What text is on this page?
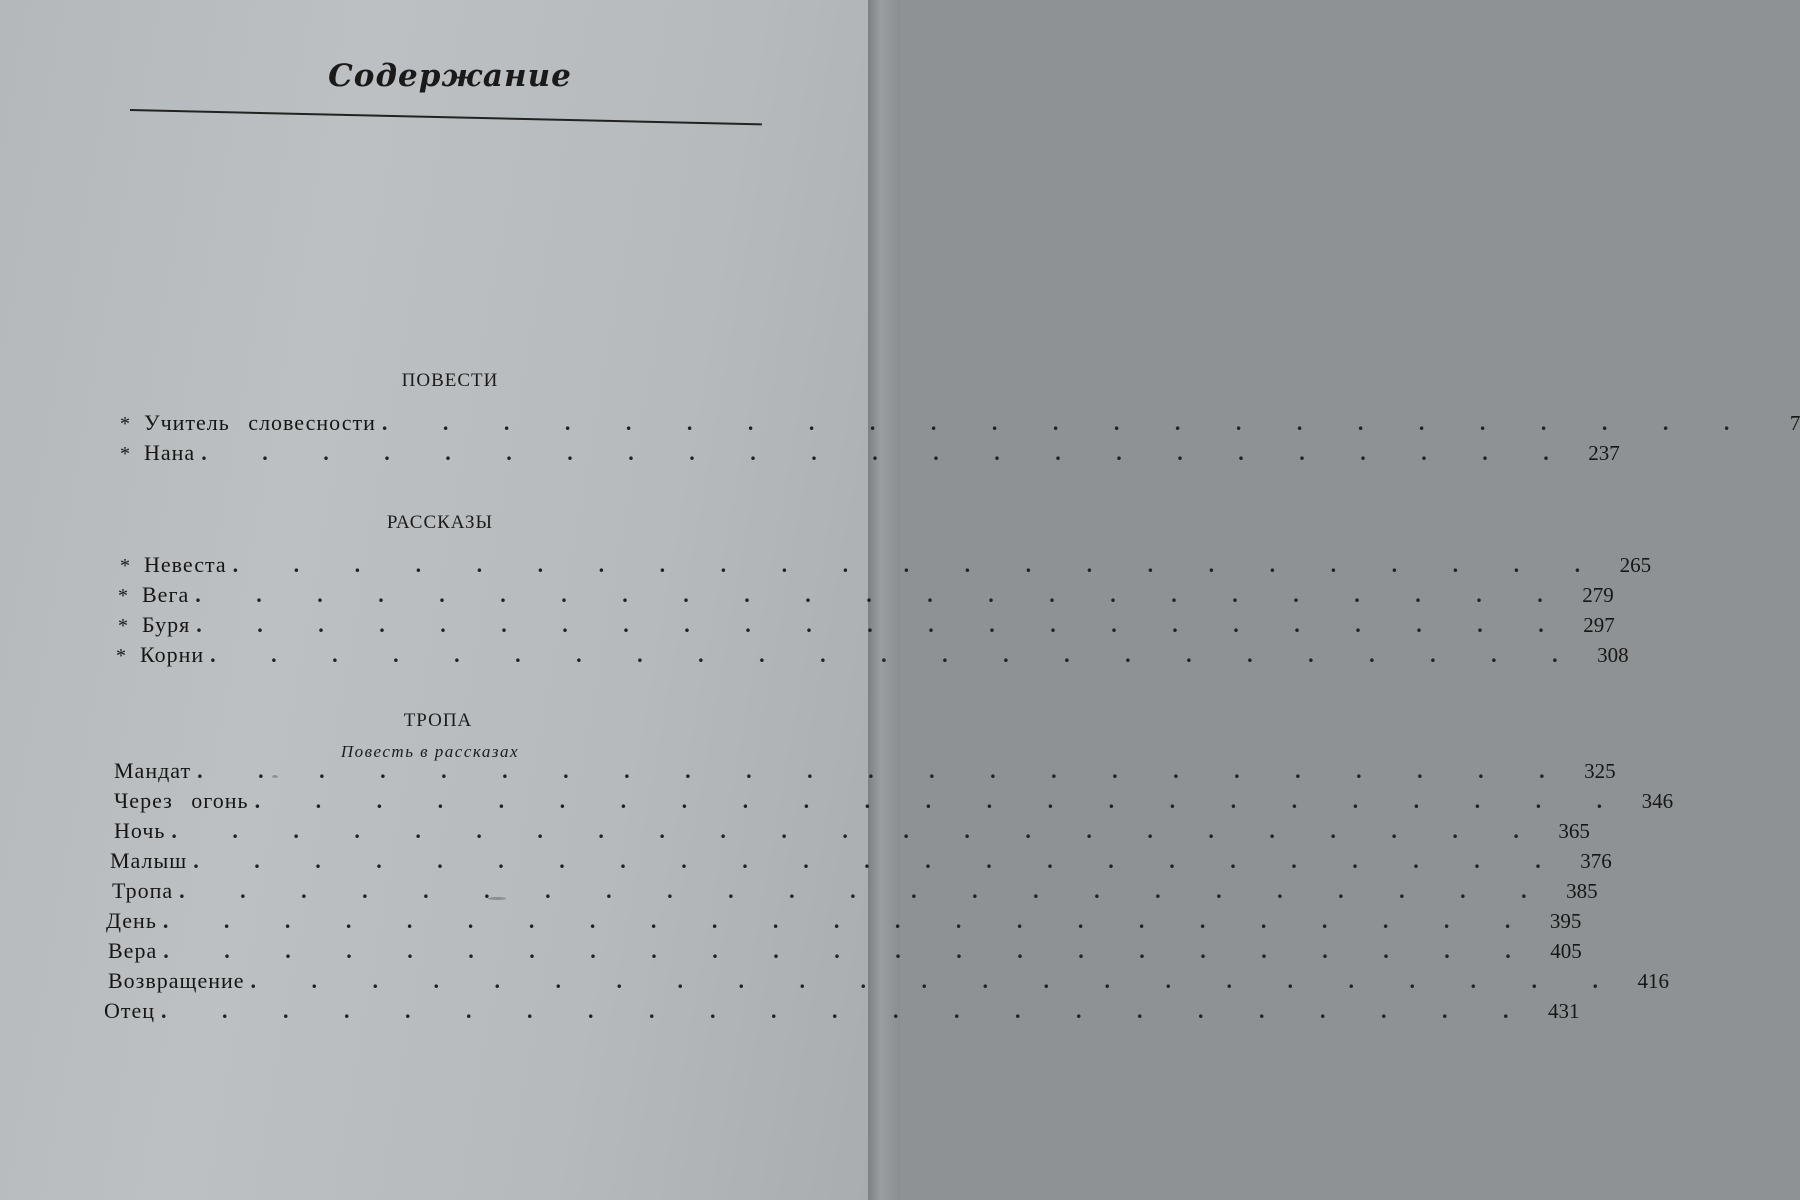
Содержание
ПОВЕСТИ
* Учитель словесности . . . . . . . . . . . . . . . . . . . . . . .	7
* Нана . . . . . . . . . . . . . . . . . . . . . . . 237
РАССКАЗЫ
* Невеста . . . . . . . . . . . . . . . . . . . . . . . 265
* Вега . . . . . . . . . . . . . . . . . . . . . . . 279
* Буря . . . . . . . . . . . . . . . . . . . . . . . 297
* Корни . . . . . . . . . . . . . . . . . . . . . . . 308
ТРОПА
Повесть в рассказах
Мандат . . . . . . . . . . . . . . . . . . . . . . . 325
Через огонь . . . . . . . . . . . . . . . . . . . . . . . 346
Ночь . . . . . . . . . . . . . . . . . . . . . . . 365
Малыш . . . . . . . . . . . . . . . . . . . . . . . 376
Тропа . . . . . . . . . . . . . . . . . . . . . . . 385
День . . . . . . . . . . . . . . . . . . . . . . . 395
Вера . . . . . . . . . . . . . . . . . . . . . . . 405
Возвращение . . . . . . . . . . . . . . . . . . . . . . . 416
Отец . . . . . . . . . . . . . . . . . . . . . . . 431
